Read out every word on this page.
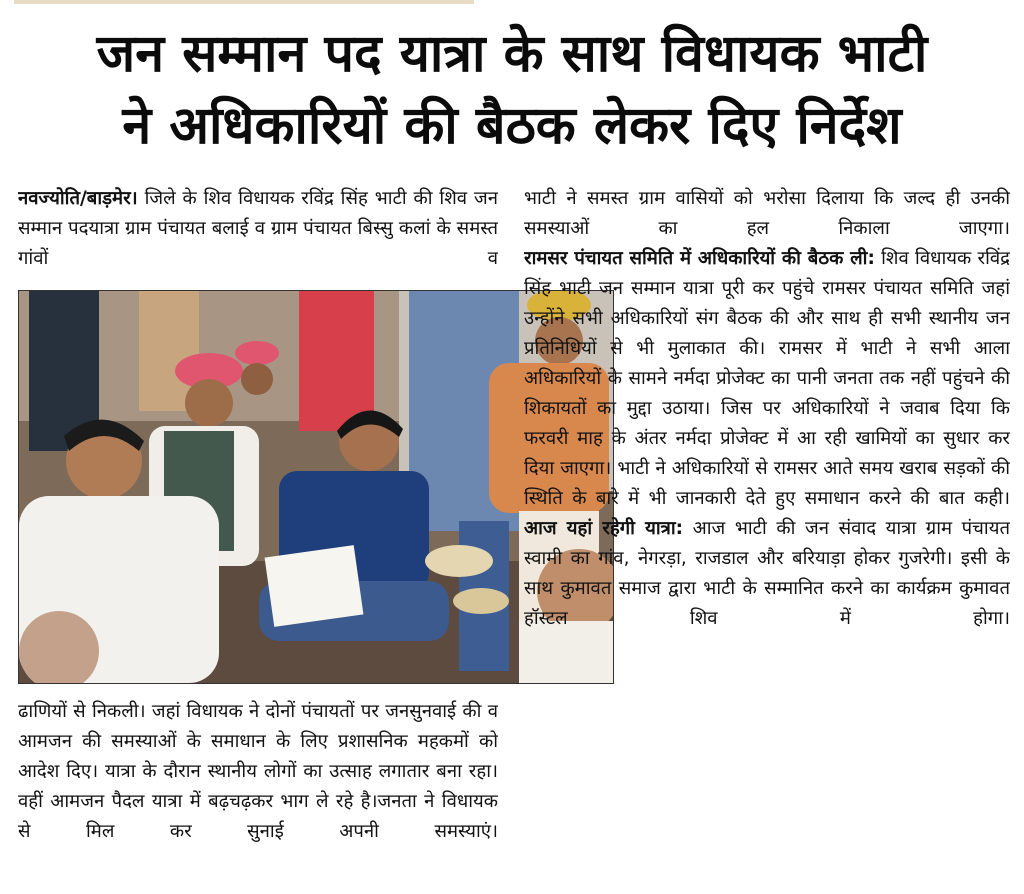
जन सम्मान पद यात्रा के साथ विधायक भाटी
ने अधिकारियों की बैठक लेकर दिए निर्देश

नवज्योति/बाड़मेर। जिले के शिव विधायक रविंद्र सिंह भाटी की शिव जन सम्मान पदयात्रा ग्राम पंचायत बलाई व ग्राम पंचायत बिस्सु कलां के समस्त गांवों व

ढाणियों से निकली। जहां विधायक ने दोनों पंचायतों पर जनसुनवाई की व आमजन की समस्याओं के समाधान के लिए प्रशासनिक महकमों को आदेश दिए। यात्रा के दौरान स्थानीय लोगों का उत्साह लगातार बना रहा। वहीं आमजन पैदल यात्रा में बढ़चढ़कर भाग ले रहे है।जनता ने विधायक से मिल कर सुनाई अपनी समस्याएं।

भाटी ने समस्त ग्राम वासियों को भरोसा दिलाया कि जल्द ही उनकी समस्याओं का हल निकाला जाएगा।
रामसर पंचायत समिति में अधिकारियों की बैठक ली: शिव विधायक रविंद्र सिंह भाटी जन सम्मान यात्रा पूरी कर पहुंचे रामसर पंचायत समिति जहां उन्होंने सभी अधिकारियों संग बैठक की और साथ ही सभी स्थानीय जन प्रतिनिधियों से भी मुलाकात की। रामसर में भाटी ने सभी आला अधिकारियों के सामने नर्मदा प्रोजेक्ट का पानी जनता तक नहीं पहुंचने की शिकायतों का मुद्दा उठाया। जिस पर अधिकारियों ने जवाब दिया कि फरवरी माह के अंतर नर्मदा प्रोजेक्ट में आ रही खामियों का सुधार कर दिया जाएगा। भाटी ने अधिकारियों से रामसर आते समय खराब सड़कों की स्थिति के बारे में भी जानकारी देते हुए समाधान करने की बात कही।
आज यहां रहेगी यात्रा: आज भाटी की जन संवाद यात्रा ग्राम पंचायत स्वामी का गांव, नेगरड़ा, राजडाल और बरियाड़ा होकर गुजरेगी। इसी के साथ कुमावत समाज द्वारा भाटी के सम्मानित करने का कार्यक्रम कुमावत हॉस्टल शिव में होगा।
